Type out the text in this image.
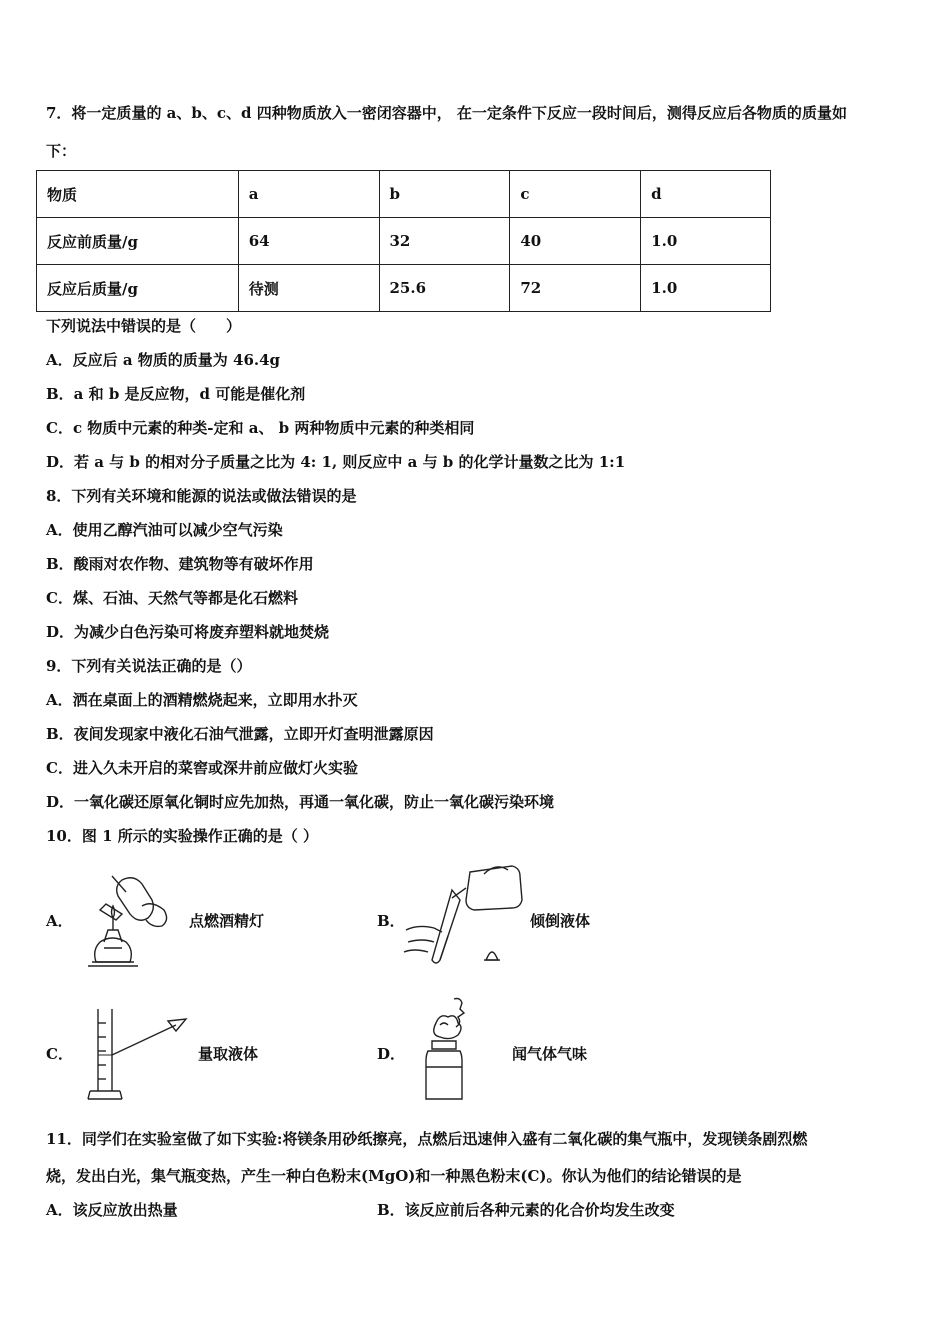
7．将一定质量的 a、b、c、d 四种物质放入一密闭容器中， 在一定条件下反应一段时间后，测得反应后各物质的质量如
下：
物质	a	b	c	d
反应前质量/g	64	32	40	1.0
反应后质量/g	待测	25.6	72	1.0
下列说法中错误的是（　　）
A．反应后 a 物质的质量为 46.4g
B．a 和 b 是反应物，d 可能是催化剂
C．c 物质中元素的种类-定和 a、 b 两种物质中元素的种类相同
D．若 a 与 b 的相对分子质量之比为 4: 1, 则反应中 a 与 b 的化学计量数之比为 1:1
8．下列有关环境和能源的说法或做法错误的是
A．使用乙醇汽油可以减少空气污染
B．酸雨对农作物、建筑物等有破坏作用
C．煤、石油、天然气等都是化石燃料
D．为减少白色污染可将废弃塑料就地焚烧
9．下列有关说法正确的是（）
A．洒在桌面上的酒精燃烧起来，立即用水扑灭
B．夜间发现家中液化石油气泄露，立即开灯查明泄露原因
C．进入久未开启的菜窖或深井前应做灯火实验
D．一氧化碳还原氧化铜时应先加热，再通一氧化碳，防止一氧化碳污染环境
10．图 1 所示的实验操作正确的是（ ）
A．	点燃酒精灯	B．	倾倒液体
C．	量取液体	D．	闻气体气味
11．同学们在实验室做了如下实验:将镁条用砂纸擦亮，点燃后迅速伸入盛有二氧化碳的集气瓶中，发现镁条剧烈燃
烧，发出白光，集气瓶变热，产生一种白色粉末(MgO)和一种黑色粉末(C)。你认为他们的结论错误的是
A．该反应放出热量	B．该反应前后各种元素的化合价均发生改变
